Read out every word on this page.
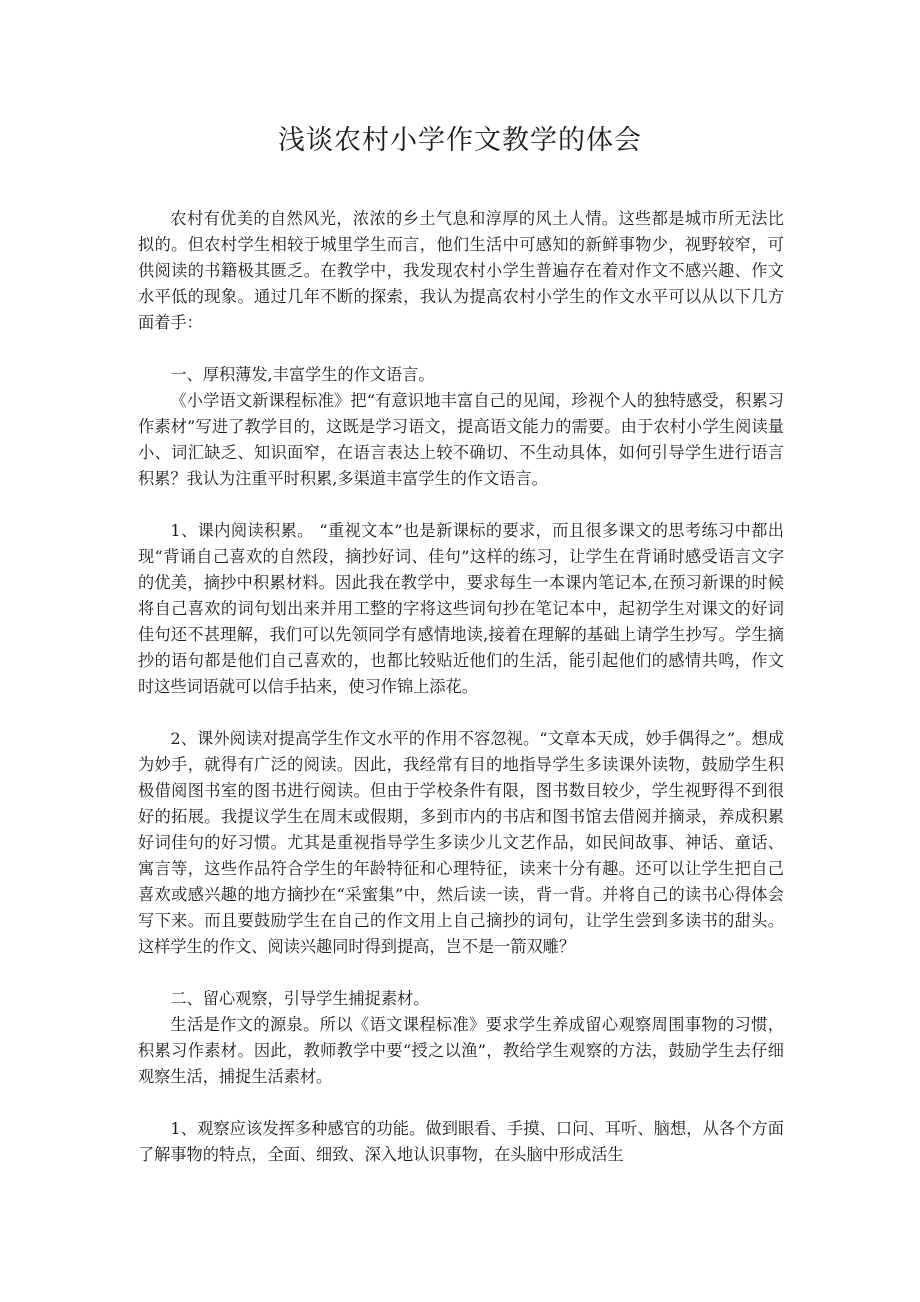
浅谈农村小学作文教学的体会

农村有优美的自然风光，浓浓的乡土气息和淳厚的风土人情。这些都是城市所无法比拟的。但农村学生相较于城里学生而言，他们生活中可感知的新鲜事物少，视野较窄，可供阅读的书籍极其匮乏。在教学中，我发现农村小学生普遍存在着对作文不感兴趣、作文水平低的现象。通过几年不断的探索，我认为提高农村小学生的作文水平可以从以下几方面着手：

一、厚积薄发,丰富学生的作文语言。

《小学语文新课程标准》把“有意识地丰富自己的见闻，珍视个人的独特感受，积累习作素材”写进了教学目的，这既是学习语文，提高语文能力的需要。由于农村小学生阅读量小、词汇缺乏、知识面窄，在语言表达上较不确切、不生动具体，如何引导学生进行语言积累？我认为注重平时积累,多渠道丰富学生的作文语言。

1、课内阅读积累。 “重视文本”也是新课标的要求，而且很多课文的思考练习中都出现“背诵自己喜欢的自然段，摘抄好词、佳句”这样的练习，让学生在背诵时感受语言文字的优美，摘抄中积累材料。因此我在教学中，要求每生一本课内笔记本,在预习新课的时候将自己喜欢的词句划出来并用工整的字将这些词句抄在笔记本中，起初学生对课文的好词佳句还不甚理解，我们可以先领同学有感情地读,接着在理解的基础上请学生抄写。学生摘抄的语句都是他们自己喜欢的，也都比较贴近他们的生活，能引起他们的感情共鸣，作文时这些词语就可以信手拈来，使习作锦上添花。

2、课外阅读对提高学生作文水平的作用不容忽视。“文章本天成，妙手偶得之”。想成为妙手，就得有广泛的阅读。因此，我经常有目的地指导学生多读课外读物，鼓励学生积极借阅图书室的图书进行阅读。但由于学校条件有限，图书数目较少，学生视野得不到很好的拓展。我提议学生在周末或假期，多到市内的书店和图书馆去借阅并摘录，养成积累好词佳句的好习惯。尤其是重视指导学生多读少儿文艺作品，如民间故事、神话、童话、寓言等，这些作品符合学生的年龄特征和心理特征，读来十分有趣。还可以让学生把自己喜欢或感兴趣的地方摘抄在“采蜜集”中，然后读一读，背一背。并将自己的读书心得体会写下来。而且要鼓励学生在自己的作文用上自己摘抄的词句，让学生尝到多读书的甜头。这样学生的作文、阅读兴趣同时得到提高，岂不是一箭双雕？

二、留心观察，引导学生捕捉素材。

生活是作文的源泉。所以《语文课程标准》要求学生养成留心观察周围事物的习惯，积累习作素材。因此，教师教学中要“授之以渔”，教给学生观察的方法，鼓励学生去仔细观察生活，捕捉生活素材。

1、观察应该发挥多种感官的功能。做到眼看、手摸、口问、耳听、脑想，从各个方面了解事物的特点，全面、细致、深入地认识事物，在头脑中形成活生
